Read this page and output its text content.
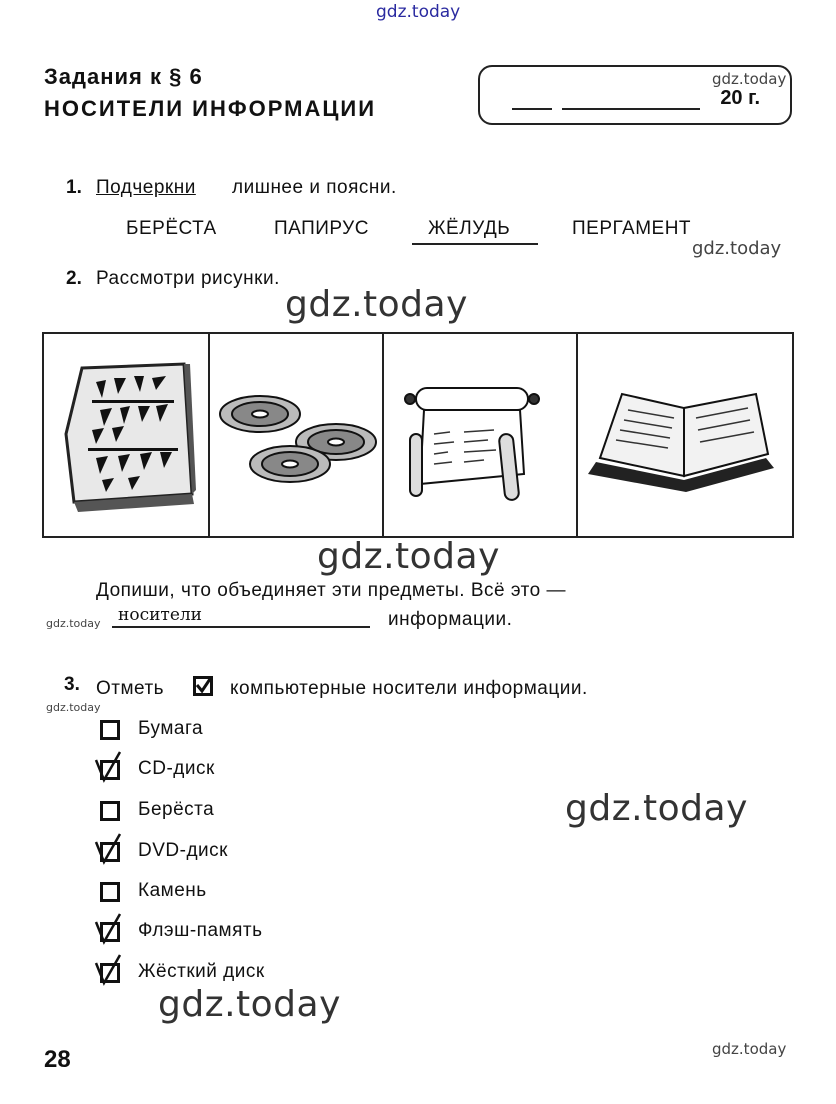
gdz.today
gdz.today
gdz.today
gdz.today
gdz.today
gdz.today
gdz.today
gdz.today
gdz.today
gdz.today
Задания к § 6
НОСИТЕЛИ ИНФОРМАЦИИ	20 г.
1. Подчеркни лишнее и поясни.
БЕРЁСТА	ПАПИРУС	ЖЁЛУДЬ	ПЕРГАМЕНТ
2. Рассмотри рисунки.
Допиши, что объединяет эти предметы. Всё это —
носители	информации.
3. Отметь	компьютерные носители информации.
Бумага
CD-диск
Берёста
DVD-диск
Камень
Флэш-память
Жёсткий диск
28
